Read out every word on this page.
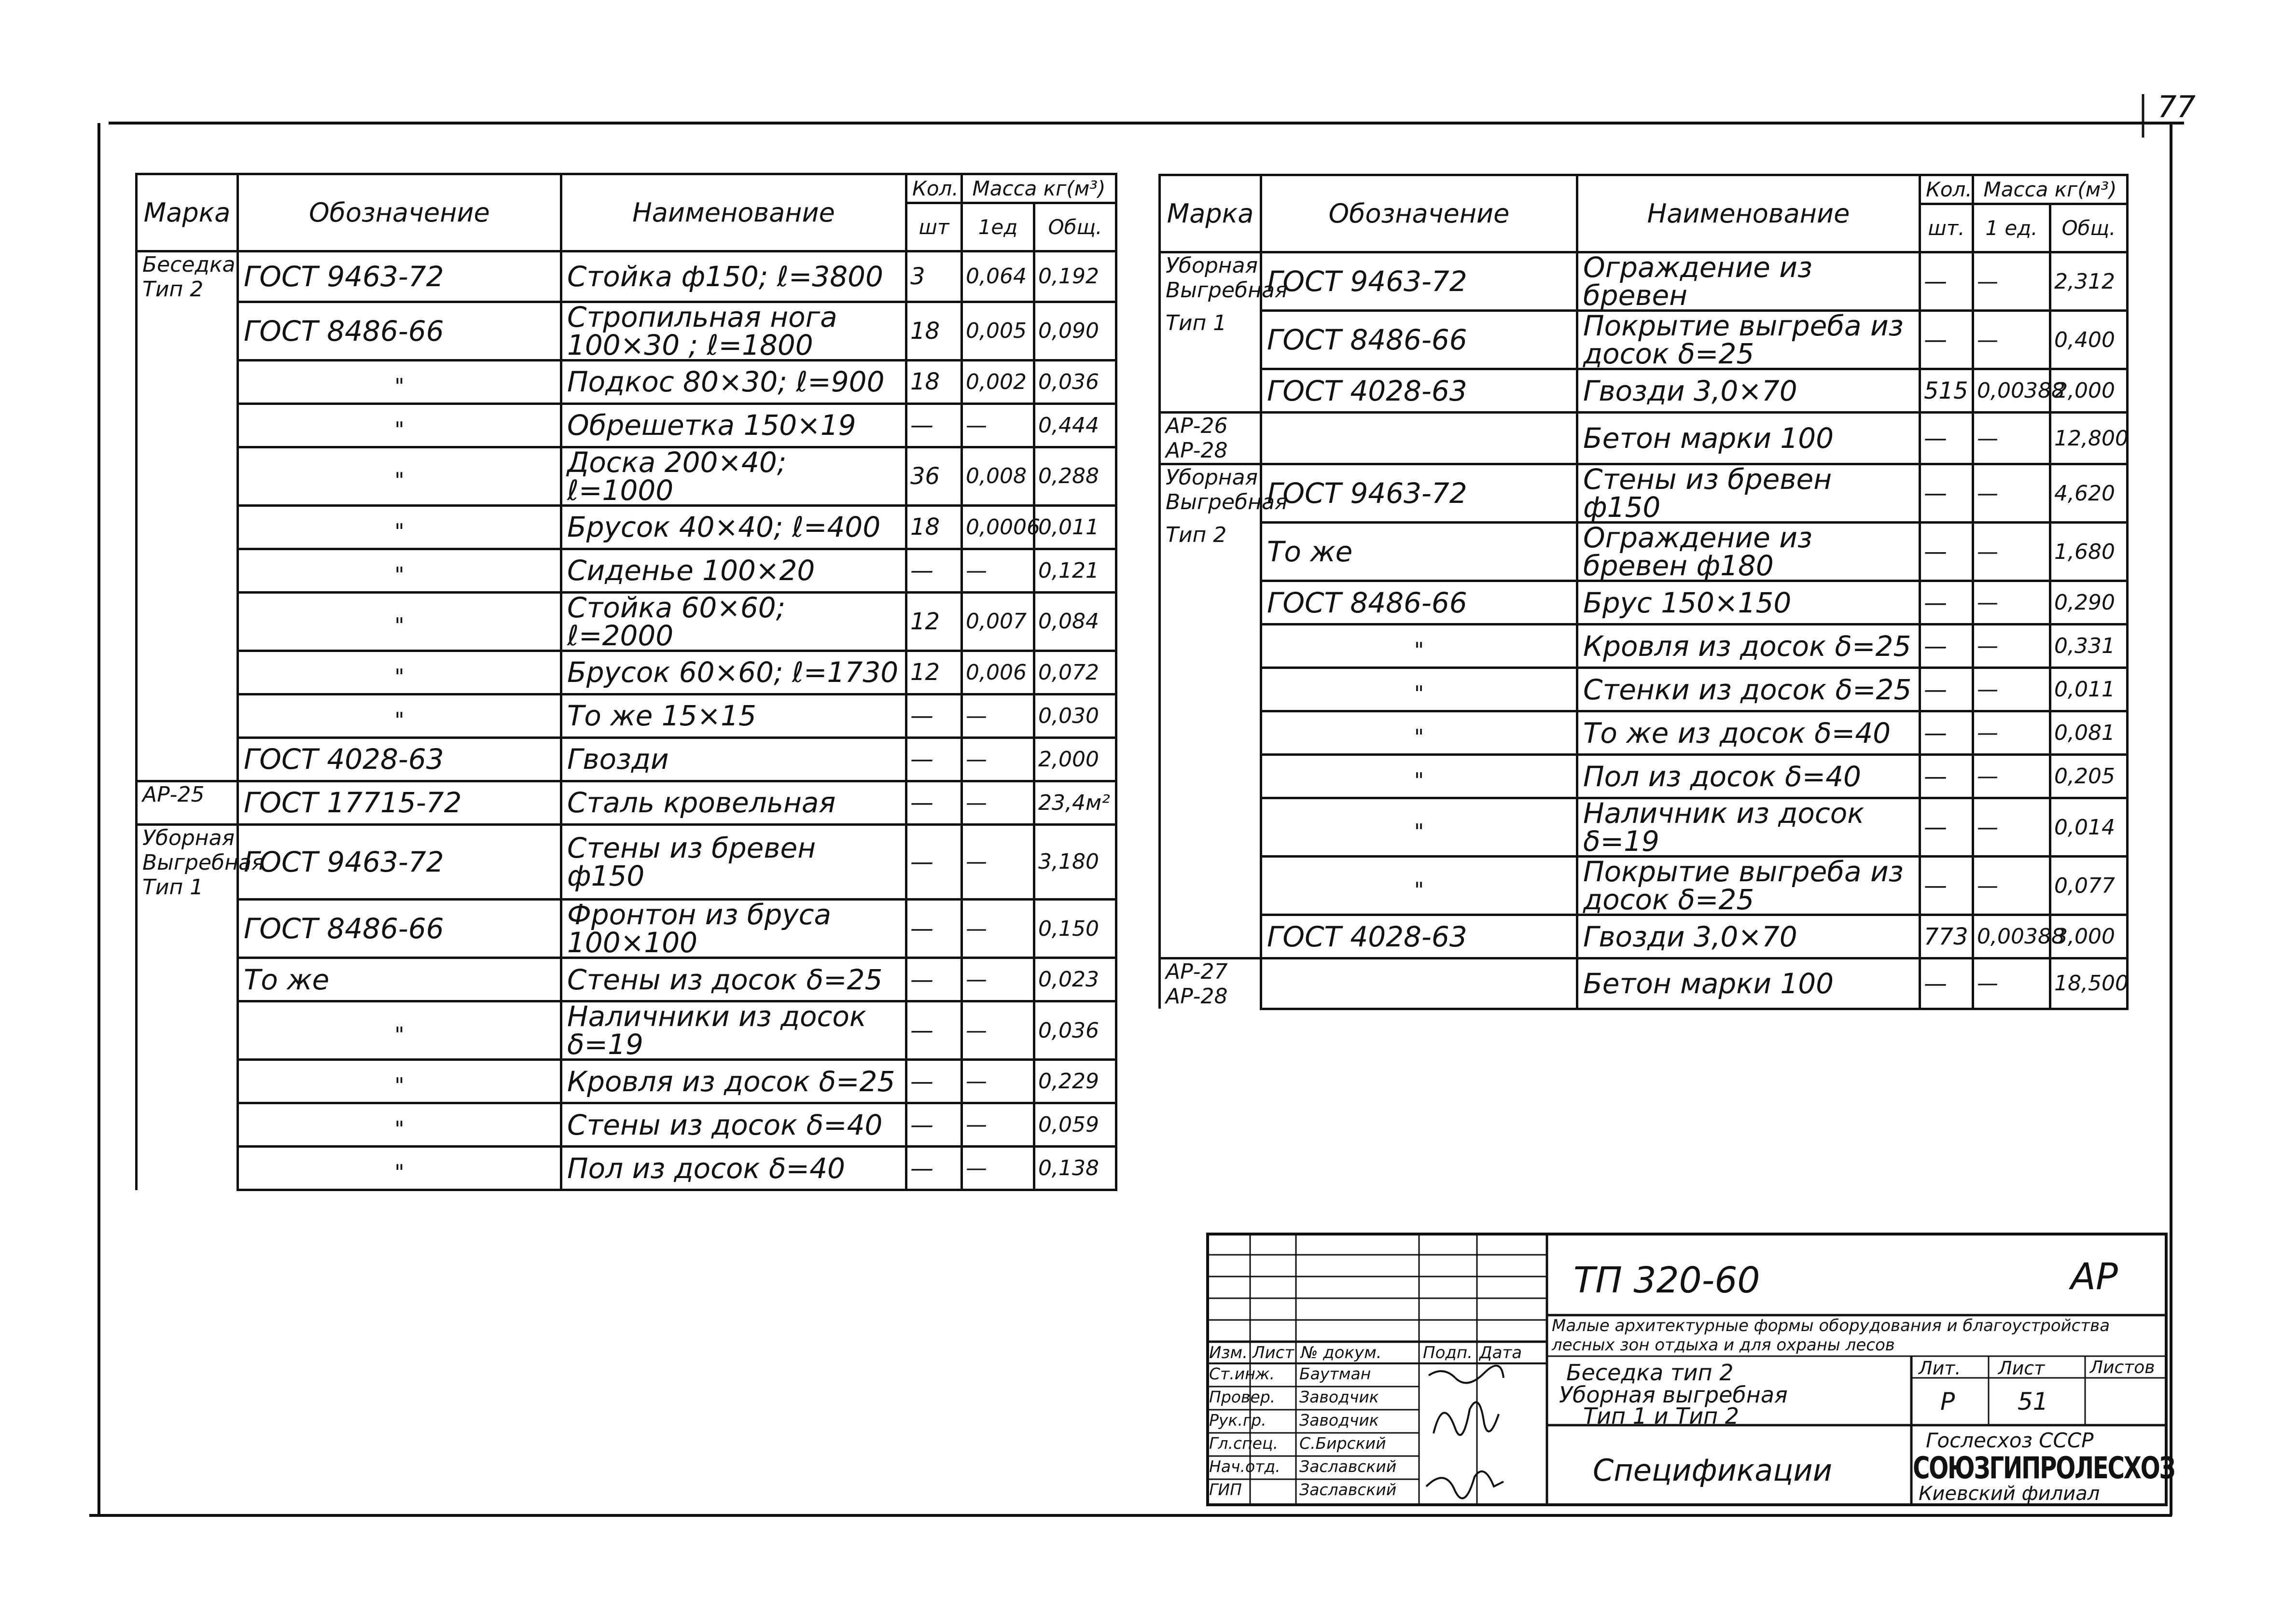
77
Марка	Обозначение	Наименование	Кол.	Масса кг(м³)	
			шт	1ед	Общ.
Беседка Тип 2	ГОСТ 9463-72	Стойка ф150; ℓ=3800	3	0,064	0,192
	ГОСТ 8486-66	Стропильная нога 100×30 ; ℓ=1800	18	0,005	0,090
	"	Подкос 80×30; ℓ=900	18	0,002	0,036
	"	Обрешетка 150×19	—	—	0,444
	"	Доска 200×40; ℓ=1000	36	0,008	0,288
	"	Брусок 40×40; ℓ=400	18	0,0006	0,011
	"	Сиденье 100×20	—	—	0,121
	"	Стойка 60×60; ℓ=2000	12	0,007	0,084
	"	Брусок 60×60; ℓ=1730	12	0,006	0,072
	"	То же 15×15	—	—	0,030
	ГОСТ 4028-63	Гвозди	—	—	2,000
АР-25	ГОСТ 17715-72	Сталь кровельная	—	—	23,4м²
Уборная Выгребная Тип 1	ГОСТ 9463-72	Стены из бревен ф150	—	—	3,180
	ГОСТ 8486-66	Фронтон из бруса 100×100	—	—	0,150
	То же	Стены из досок δ=25	—	—	0,023
	"	Наличники из досок δ=19	—	—	0,036
	"	Кровля из досок δ=25	—	—	0,229
	"	Стены из досок δ=40	—	—	0,059
	"	Пол из досок δ=40	—	—	0,138
Марка	Обозначение	Наименование	Кол.	Масса кг(м³)	
			шт.	1 ед.	Общ.
Уборная Выгребная	ГОСТ 9463-72	Ограждение из бревен	—	—	2,312
Тип 1	ГОСТ 8486-66	Покрытие выгреба из досок δ=25	—	—	0,400
	ГОСТ 4028-63	Гвозди 3,0×70	515	0,00388	2,000
АР-26 АР-28		Бетон марки 100	—	—	12,800
Уборная Выгребная	ГОСТ 9463-72	Стены из бревен ф150	—	—	4,620
Тип 2	То же	Ограждение из бревен ф180	—	—	1,680
	ГОСТ 8486-66	Брус 150×150	—	—	0,290
	"	Кровля из досок δ=25	—	—	0,331
	"	Стенки из досок δ=25	—	—	0,011
	"	То же из досок δ=40	—	—	0,081
	"	Пол из досок δ=40	—	—	0,205
	"	Наличник из досок δ=19	—	—	0,014
	"	Покрытие выгреба из досок δ=25	—	—	0,077
	ГОСТ 4028-63	Гвозди 3,0×70	773	0,00388	3,000
АР-27 АР-28		Бетон марки 100	—	—	18,500
ТП 320-60	АР
Малые архитектурные формы оборудования и благоустройства лесных зон отдыха и для охраны лесов
Беседка тип 2
Уборная выгребная
Тип 1 и Тип 2
Спецификации
Лит. Лист	Листов
Р	51
Гослесхоз СССР
СОЮЗГИПРОЛЕСХОЗ
Киевский филиал
Изм. Лист № докум.	Подп. Дата
Ст.инж. Баутман
Провер. Заводчик
Рук.гр. Заводчик
Гл.спец. С.Бирский
Нач.отд. Заславский
ГИП	Заславский
